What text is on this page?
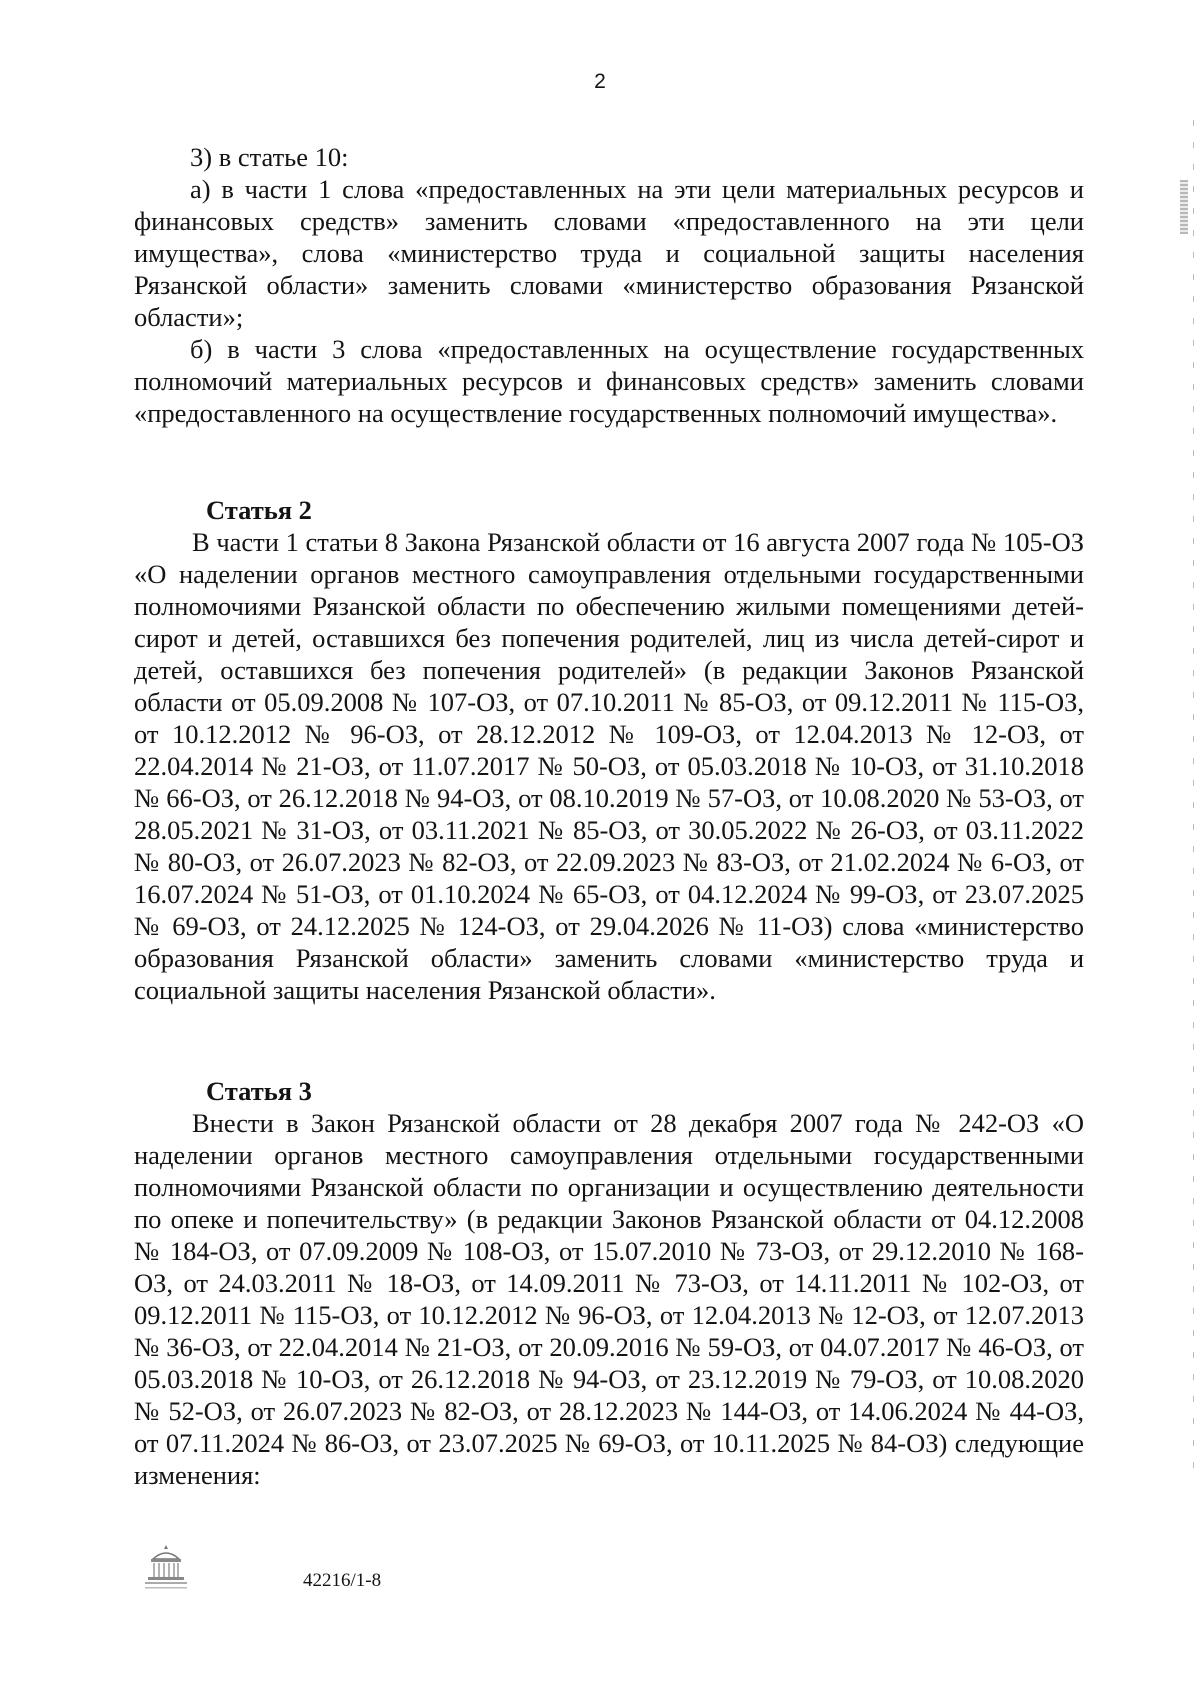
2

3) в статье 10:

а) в части 1 слова «предоставленных на эти цели материальных ресурсов и финансовых средств» заменить словами «предоставленного на эти цели имущества», слова «министерство труда и социальной защиты населения Рязанской области» заменить словами «министерство образования Рязанской области»;

б) в части 3 слова «предоставленных на осуществление государственных полномочий материальных ресурсов и финансовых средств» заменить словами «предоставленного на осуществление государственных полномочий имущества».

Статья 2

В части 1 статьи 8 Закона Рязанской области от 16 августа 2007 года № 105-ОЗ «О наделении органов местного самоуправления отдельными государственными полномочиями Рязанской области по обеспечению жилыми помещениями детей-сирот и детей, оставшихся без попечения родителей, лиц из числа детей-сирот и детей, оставшихся без попечения родителей» (в редакции Законов Рязанской области от 05.09.2008 № 107-ОЗ, от 07.10.2011 № 85-ОЗ, от 09.12.2011 № 115-ОЗ, от 10.12.2012 № 96-ОЗ, от 28.12.2012 № 109-ОЗ, от 12.04.2013 № 12-ОЗ, от 22.04.2014 № 21-ОЗ, от 11.07.2017 № 50-ОЗ, от 05.03.2018 № 10-ОЗ, от 31.10.2018 № 66-ОЗ, от 26.12.2018 № 94-ОЗ, от 08.10.2019 № 57-ОЗ, от 10.08.2020 № 53-ОЗ, от 28.05.2021 № 31-ОЗ, от 03.11.2021 № 85-ОЗ, от 30.05.2022 № 26-ОЗ, от 03.11.2022 № 80-ОЗ, от 26.07.2023 № 82-ОЗ, от 22.09.2023 № 83-ОЗ, от 21.02.2024 № 6-ОЗ, от 16.07.2024 № 51-ОЗ, от 01.10.2024 № 65-ОЗ, от 04.12.2024 № 99-ОЗ, от 23.07.2025 № 69-ОЗ, от 24.12.2025 № 124-ОЗ, от 29.04.2026 № 11-ОЗ) слова «министерство образования Рязанской области» заменить словами «министерство труда и социальной защиты населения Рязанской области».

Статья 3

Внести в Закон Рязанской области от 28 декабря 2007 года № 242-ОЗ «О наделении органов местного самоуправления отдельными государственными полномочиями Рязанской области по организации и осуществлению деятельности по опеке и попечительству» (в редакции Законов Рязанской области от 04.12.2008 № 184-ОЗ, от 07.09.2009 № 108-ОЗ, от 15.07.2010 № 73-ОЗ, от 29.12.2010 № 168-ОЗ, от 24.03.2011 № 18-ОЗ, от 14.09.2011 № 73-ОЗ, от 14.11.2011 № 102-ОЗ, от 09.12.2011 № 115-ОЗ, от 10.12.2012 № 96-ОЗ, от 12.04.2013 № 12-ОЗ, от 12.07.2013 № 36-ОЗ, от 22.04.2014 № 21-ОЗ, от 20.09.2016 № 59-ОЗ, от 04.07.2017 № 46-ОЗ, от 05.03.2018 № 10-ОЗ, от 26.12.2018 № 94-ОЗ, от 23.12.2019 № 79-ОЗ, от 10.08.2020 № 52-ОЗ, от 26.07.2023 № 82-ОЗ, от 28.12.2023 № 144-ОЗ, от 14.06.2024 № 44-ОЗ, от 07.11.2024 № 86-ОЗ, от 23.07.2025 № 69-ОЗ, от 10.11.2025 № 84-ОЗ) следующие изменения:

42216/1-8
